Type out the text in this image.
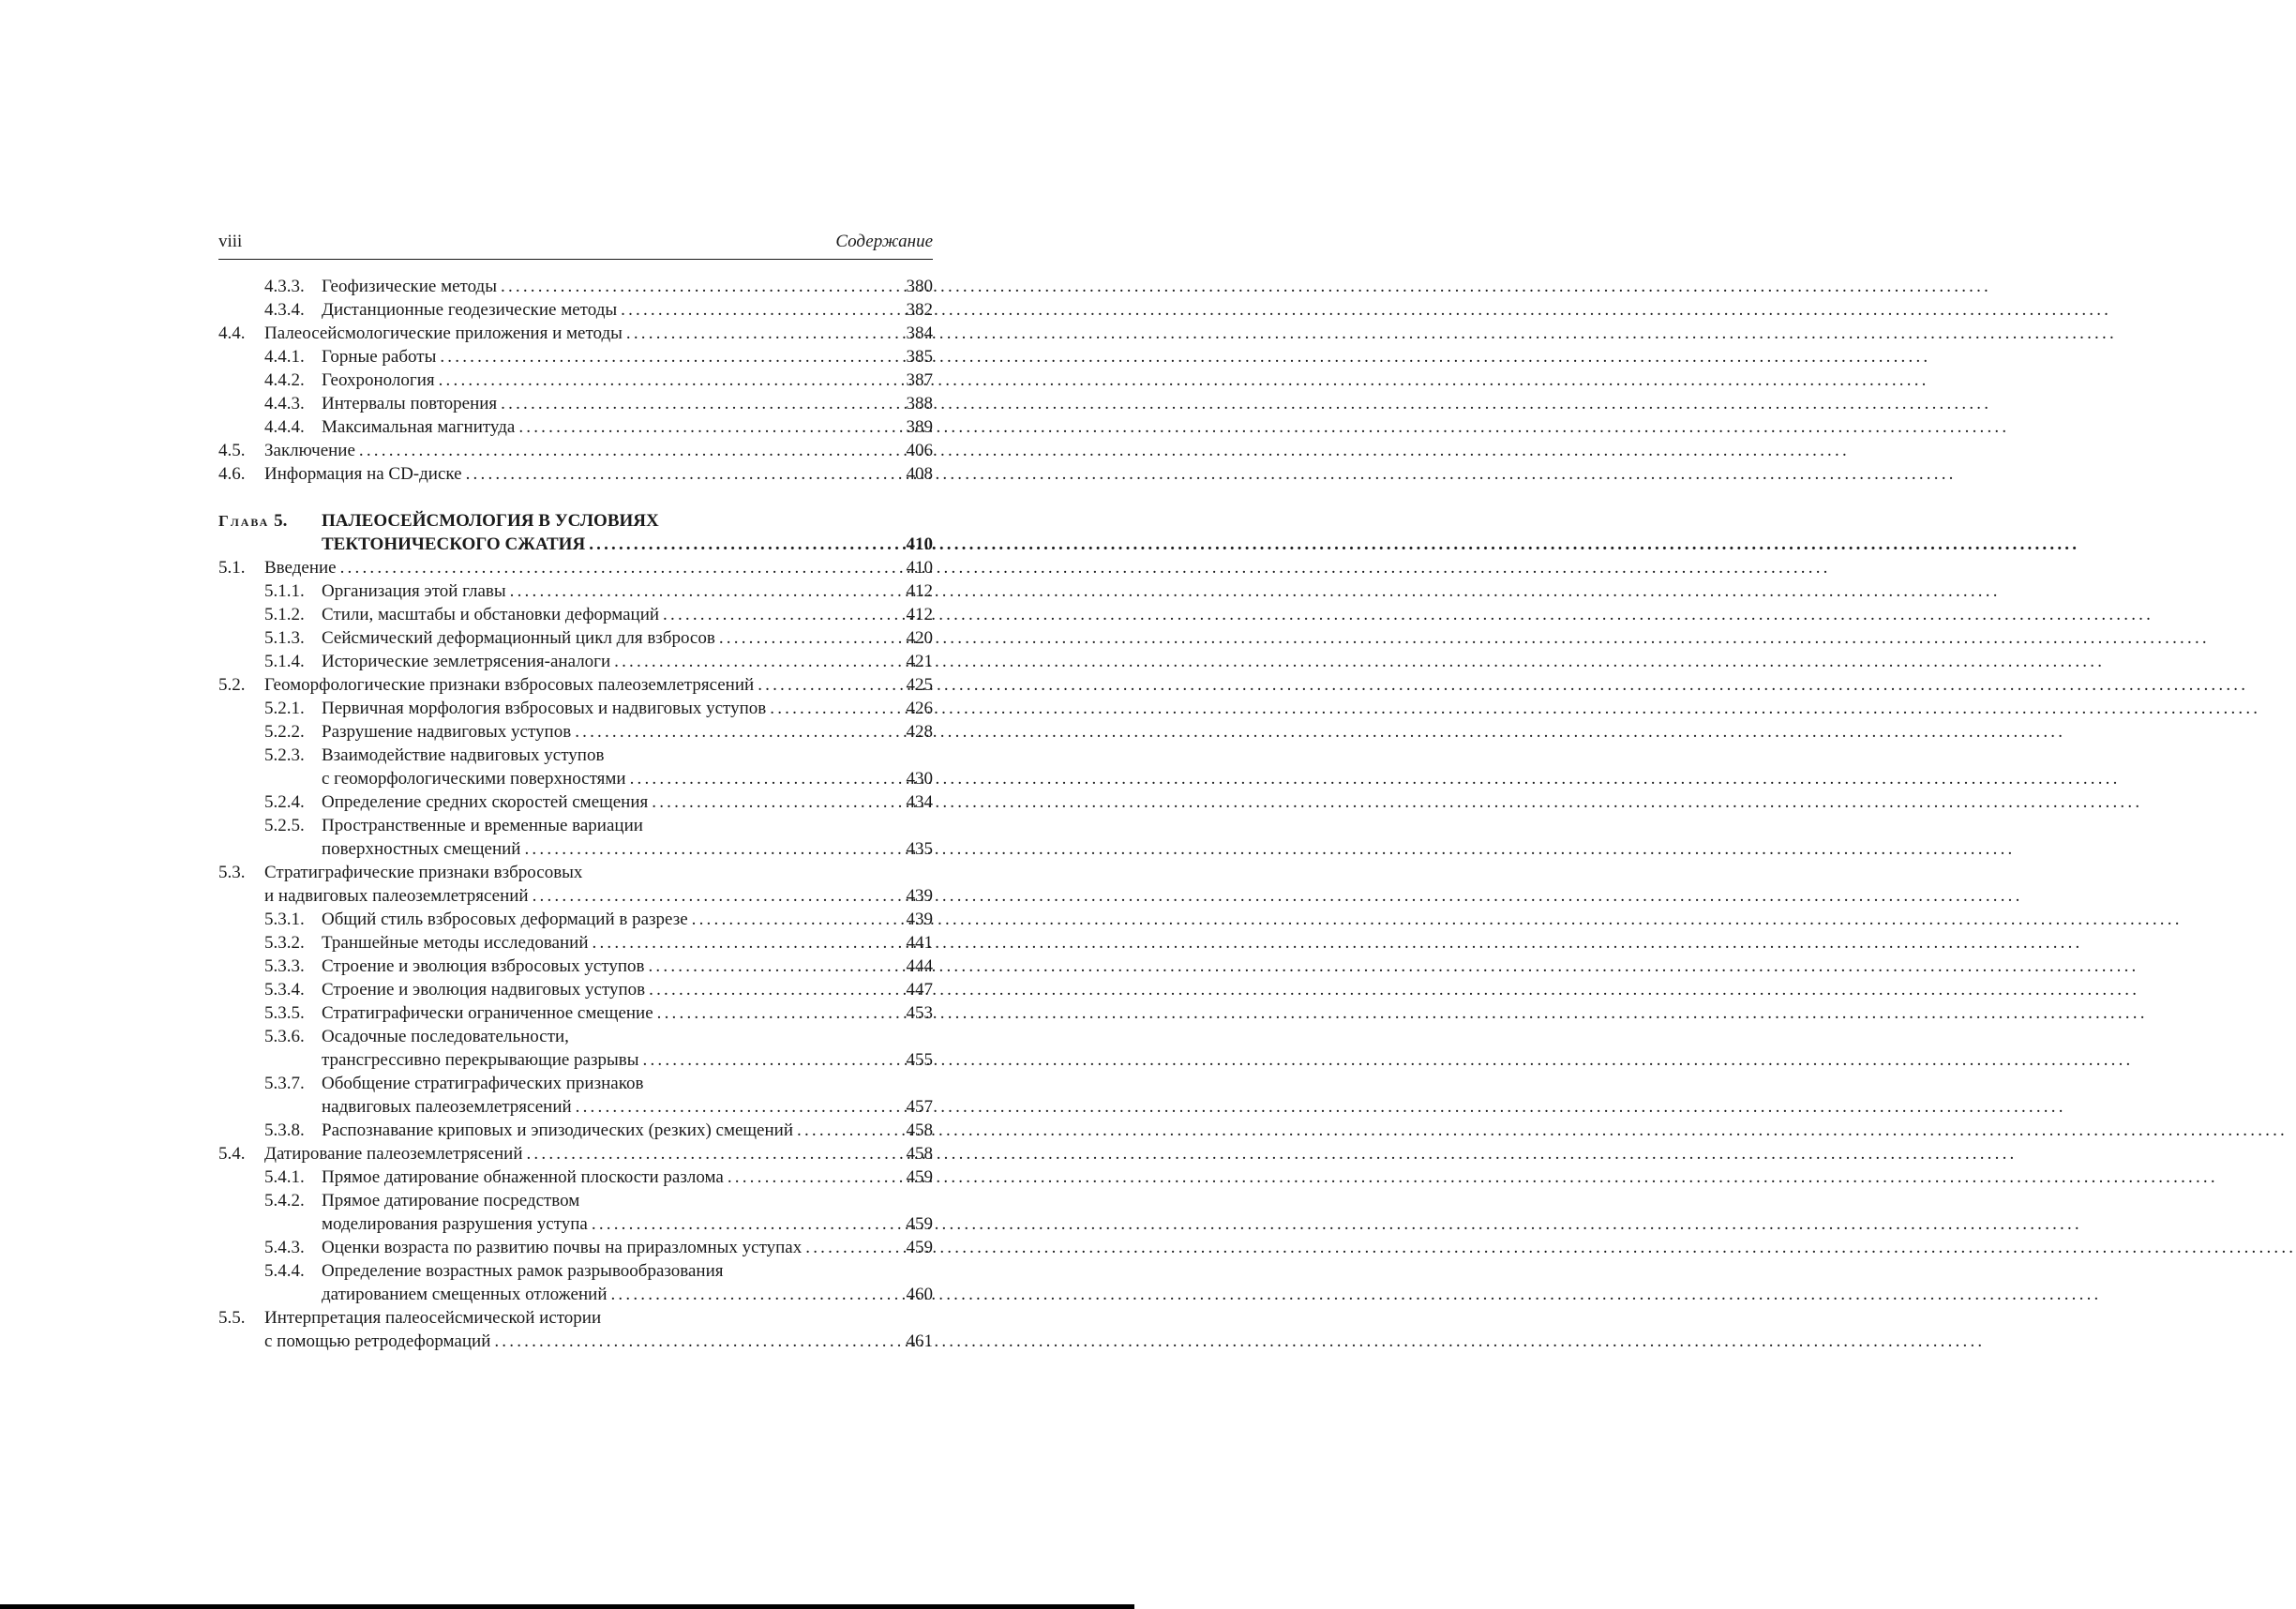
viii	Содержание
4.3.3. Геофизические методы .....	380
4.3.4. Дистанционные геодезические методы .....	382
4.4.	Палеосейсмологические приложения и методы .....	384
4.4.1. Горные работы .....	385
4.4.2. Геохронология .....	387
4.4.3. Интервалы повторения .....	388
4.4.4. Максимальная магнитуда .....	389
4.5.	Заключение .....	406
4.6.	Информация на CD-диске .....	408
Глава 5.	ПАЛЕОСЕЙСМОЛОГИЯ В УСЛОВИЯХ
ТЕКТОНИЧЕСКОГО СЖАТИЯ .....	410
5.1.	Введение .....	410
5.1.1. Организация этой главы .....	412
5.1.2. Стили, масштабы и обстановки деформаций .....	412
5.1.3. Сейсмический деформационный цикл для взбросов .....	420
5.1.4. Исторические землетрясения-аналоги .....	421
5.2.	Геоморфологические признаки взбросовых палеоземлетрясений .....	425
5.2.1. Первичная морфология взбросовых и надвиговых уступов .....	426
5.2.2. Разрушение надвиговых уступов .....	428
5.2.3. Взаимодействие надвиговых уступов
с геоморфологическими поверхностями .....	430
5.2.4. Определение средних скоростей смещения .....	434
5.2.5. Пространственные и временные вариации
поверхностных смещений .....	435
5.3.	Стратиграфические признаки взбросовых
и надвиговых палеоземлетрясений .....	439
5.3.1. Общий стиль взбросовых деформаций в разрезе .....	439
5.3.2. Траншейные методы исследований .....	441
5.3.3. Строение и эволюция взбросовых уступов .....	444
5.3.4. Строение и эволюция надвиговых уступов .....	447
5.3.5. Стратиграфически ограниченное смещение .....	453
5.3.6. Осадочные последовательности,
трансгрессивно перекрывающие разрывы .....	455
5.3.7. Обобщение стратиграфических признаков
надвиговых палеоземлетрясений .....	457
5.3.8. Распознавание криповых и эпизодических (резких) смещений .....	458
5.4.	Датирование палеоземлетрясений .....	458
5.4.1. Прямое датирование обнаженной плоскости разлома .....	459
5.4.2. Прямое датирование посредством
моделирования разрушения уступа .....	459
5.4.3. Оценки возраста по развитию почвы на приразломных уступах .....	459
5.4.4. Определение возрастных рамок разрывообразования
датированием смещенных отложений .....	460
5.5.	Интерпретация палеосейсмической истории
с помощью ретродеформаций .....	461
